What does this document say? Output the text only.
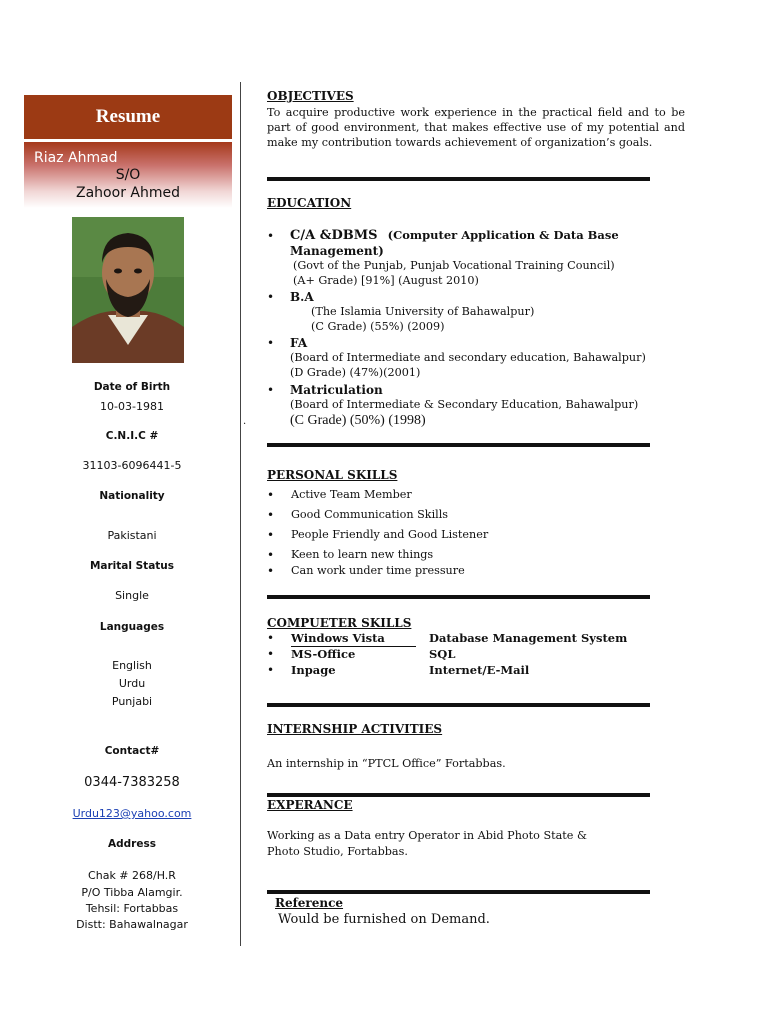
Resume
Riaz Ahmad
S/O
Zahoor Ahmed
Date of Birth
10-03-1981
C.N.I.C #
31103-6096441-5
Nationality
Pakistani
Marital Status
Single
Languages
English
Urdu
Punjabi
Contact#
0344-7383258
Urdu123@yahoo.com
Address
Chak # 268/H.R
P/O Tibba Alamgir.
Tehsil: Fortabbas
Distt: Bahawalnagar
.
OBJECTIVES
To acquire productive work experience in the practical field and to be part of good environment, that makes effective use of my potential and make my contribution towards achievement of organization’s goals.
EDUCATION
• C/A &DBMS (Computer Application & Data Base
Management)
(Govt of the Punjab, Punjab Vocational Training Council)
(A+ Grade) [91%] (August 2010)
• B.A
(The Islamia University of Bahawalpur)
(C Grade) (55%) (2009)
• FA
(Board of Intermediate and secondary education, Bahawalpur)
(D Grade) (47%)(2001)
• Matriculation
(Board of Intermediate & Secondary Education, Bahawalpur)
(C Grade) (50%) (1998)
PERSONAL SKILLS
• Active Team Member
• Good Communication Skills
• People Friendly and Good Listener
• Keen to learn new things
• Can work under time pressure
COMPUETER SKILLS
• Windows Vista	Database Management System
• MS-Office	SQL
• Inpage	Internet/E-Mail
INTERNSHIP ACTIVITIES
An internship in “PTCL Office” Fortabbas.
EXPERANCE
Working as a Data entry Operator in Abid Photo State &
Photo Studio, Fortabbas.
Reference
Would be furnished on Demand.
